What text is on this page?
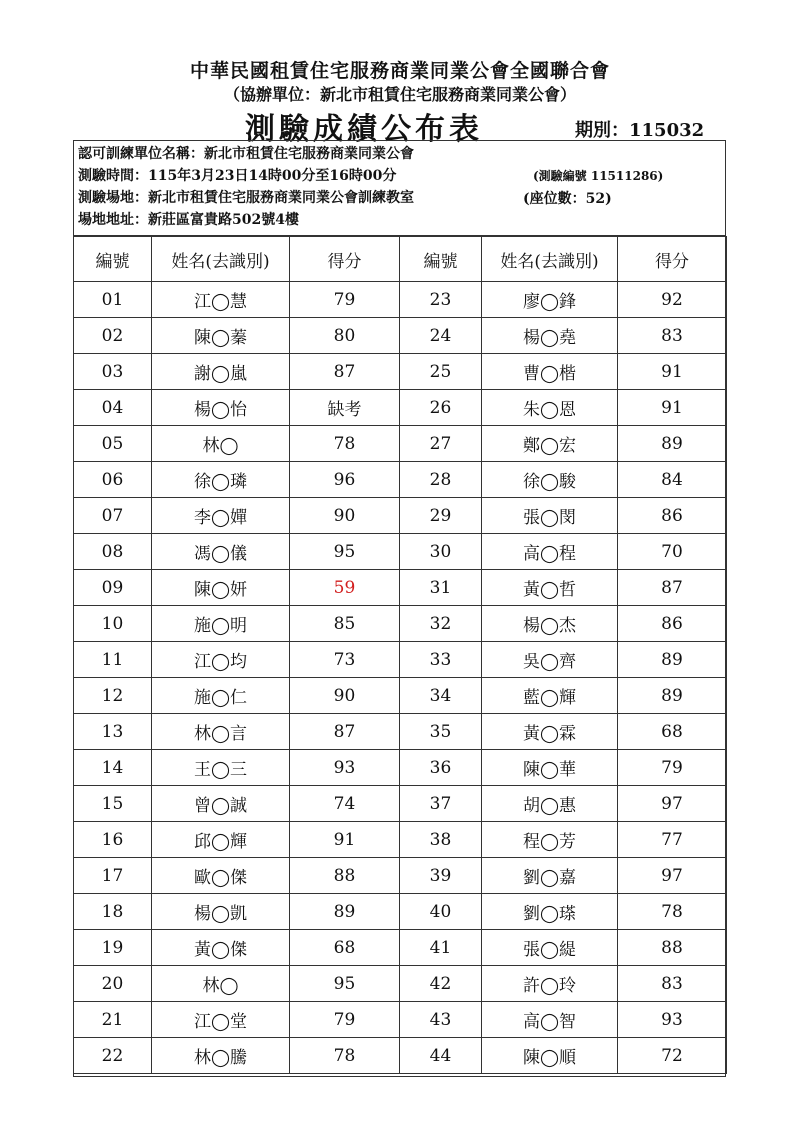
中華民國租賃住宅服務商業同業公會全國聯合會
（協辦單位：新北市租賃住宅服務商業同業公會）
測驗成績公布表	期別：115032
認可訓練單位名稱：新北市租賃住宅服務商業同業公會
測驗時間：115年3月23日14時00分至16時00分	(測驗編號 11511286)
測驗場地：新北市租賃住宅服務商業同業公會訓練教室	(座位數：52)
場地地址：新莊區富貴路502號4樓
編號	姓名(去識別)	得分	編號	姓名(去識別)	得分
01	江◯慧	79	23	廖◯鋒	92
02	陳◯蓁	80	24	楊◯堯	83
03	謝◯嵐	87	25	曹◯楷	91
04	楊◯怡	缺考	26	朱◯恩	91
05	林◯	78	27	鄭◯宏	89
06	徐◯璘	96	28	徐◯駿	84
07	李◯嬋	90	29	張◯閔	86
08	馮◯儀	95	30	高◯程	70
09	陳◯妍	59	31	黃◯哲	87
10	施◯明	85	32	楊◯杰	86
11	江◯均	73	33	吳◯齊	89
12	施◯仁	90	34	藍◯輝	89
13	林◯言	87	35	黃◯霖	68
14	王◯三	93	36	陳◯華	79
15	曾◯誠	74	37	胡◯惠	97
16	邱◯輝	91	38	程◯芳	77
17	歐◯傑	88	39	劉◯嘉	97
18	楊◯凱	89	40	劉◯瑹	78
19	黃◯傑	68	41	張◯緹	88
20	林◯	95	42	許◯玲	83
21	江◯堂	79	43	高◯智	93
22	林◯騰	78	44	陳◯順	72
